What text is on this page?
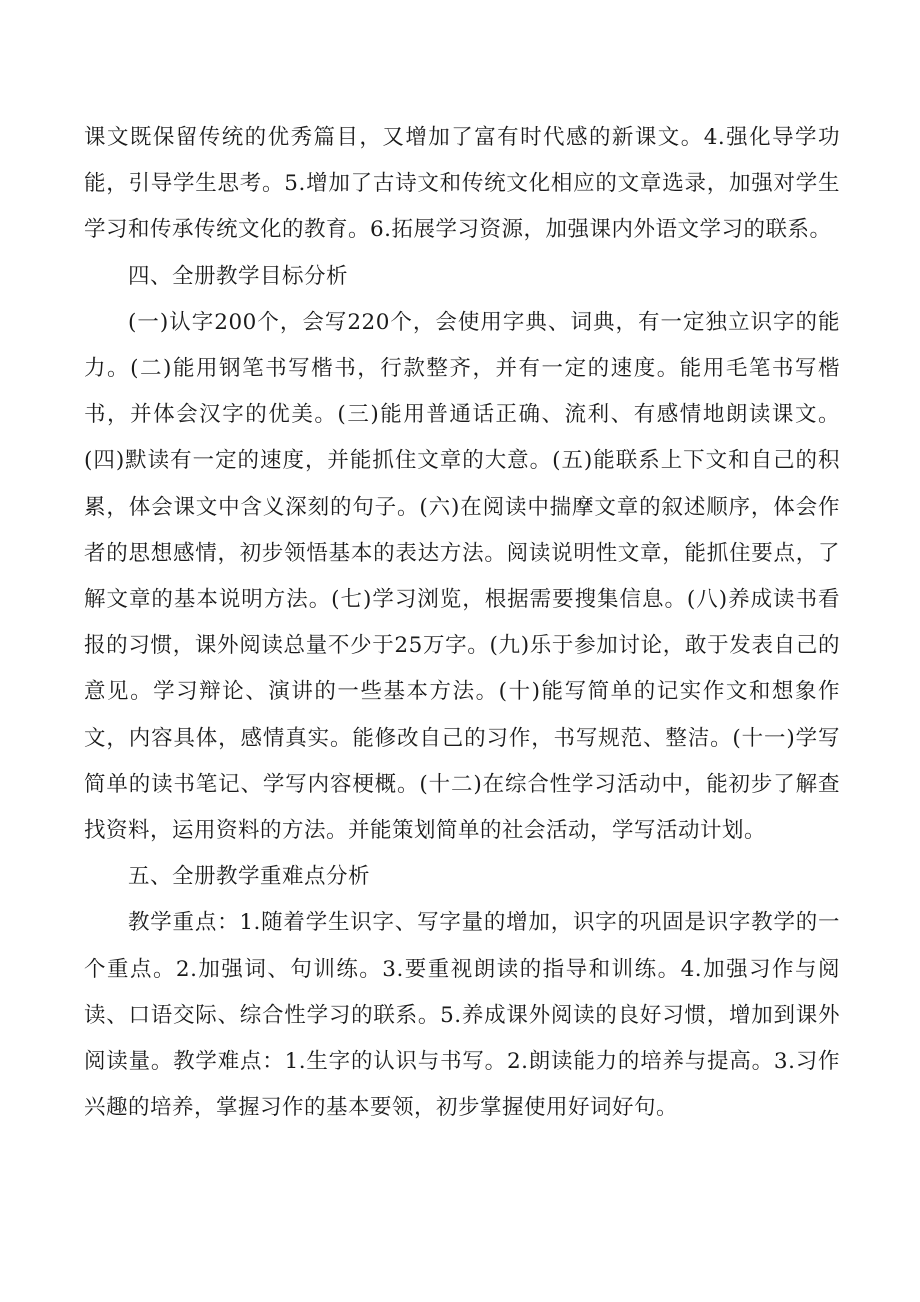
课文既保留传统的优秀篇目，又增加了富有时代感的新课文。4.强化导学功能，引导学生思考。5.增加了古诗文和传统文化相应的文章选录，加强对学生学习和传承传统文化的教育。6.拓展学习资源，加强课内外语文学习的联系。

四、全册教学目标分析

(一)认字200个，会写220个，会使用字典、词典，有一定独立识字的能力。(二)能用钢笔书写楷书，行款整齐，并有一定的速度。能用毛笔书写楷书，并体会汉字的优美。(三)能用普通话正确、流利、有感情地朗读课文。(四)默读有一定的速度，并能抓住文章的大意。(五)能联系上下文和自己的积累，体会课文中含义深刻的句子。(六)在阅读中揣摩文章的叙述顺序，体会作者的思想感情，初步领悟基本的表达方法。阅读说明性文章，能抓住要点，了解文章的基本说明方法。(七)学习浏览，根据需要搜集信息。(八)养成读书看报的习惯，课外阅读总量不少于25万字。(九)乐于参加讨论，敢于发表自己的意见。学习辩论、演讲的一些基本方法。(十)能写简单的记实作文和想象作文，内容具体，感情真实。能修改自己的习作，书写规范、整洁。(十一)学写简单的读书笔记、学写内容梗概。(十二)在综合性学习活动中，能初步了解查找资料，运用资料的方法。并能策划简单的社会活动，学写活动计划。

五、全册教学重难点分析

教学重点：1.随着学生识字、写字量的增加，识字的巩固是识字教学的一个重点。2.加强词、句训练。3.要重视朗读的指导和训练。4.加强习作与阅读、口语交际、综合性学习的联系。5.养成课外阅读的良好习惯，增加到课外阅读量。教学难点：1.生字的认识与书写。2.朗读能力的培养与提高。3.习作兴趣的培养，掌握习作的基本要领，初步掌握使用好词好句。
